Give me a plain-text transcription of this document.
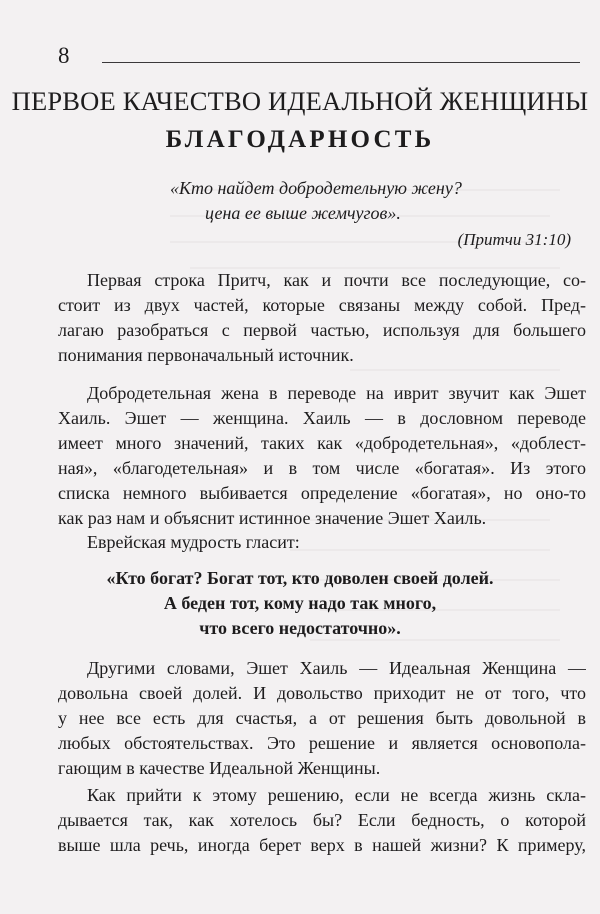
8
ПЕРВОЕ КАЧЕСТВО ИДЕАЛЬНОЙ ЖЕНЩИНЫ
БЛАГОДАРНОСТЬ
«Кто найдет добродетельную жену?
цена ее выше жемчугов».
(Притчи 31:10)
Первая строка Притч, как и почти все последующие, со-
стоит из двух частей, которые связаны между собой. Пред-
лагаю разобраться с первой частью, используя для большего
понимания первоначальный источник.
Добродетельная жена в переводе на иврит звучит как Эшет
Хаиль. Эшет — женщина. Хаиль — в дословном переводе
имеет много значений, таких как «добродетельная», «доблест-
ная», «благодетельная» и в том числе «богатая». Из этого
списка немного выбивается определение «богатая», но оно-то
как раз нам и объяснит истинное значение Эшет Хаиль.
Еврейская мудрость гласит:
«Кто богат? Богат тот, кто доволен своей долей.
А беден тот, кому надо так много,
что всего недостаточно».
Другими словами, Эшет Хаиль — Идеальная Женщина —
довольна своей долей. И довольство приходит не от того, что
у нее все есть для счастья, а от решения быть довольной в
любых обстоятельствах. Это решение и является основопола-
гающим в качестве Идеальной Женщины.
Как прийти к этому решению, если не всегда жизнь скла-
дывается так, как хотелось бы? Если бедность, о которой
выше шла речь, иногда берет верх в нашей жизни? К примеру,
